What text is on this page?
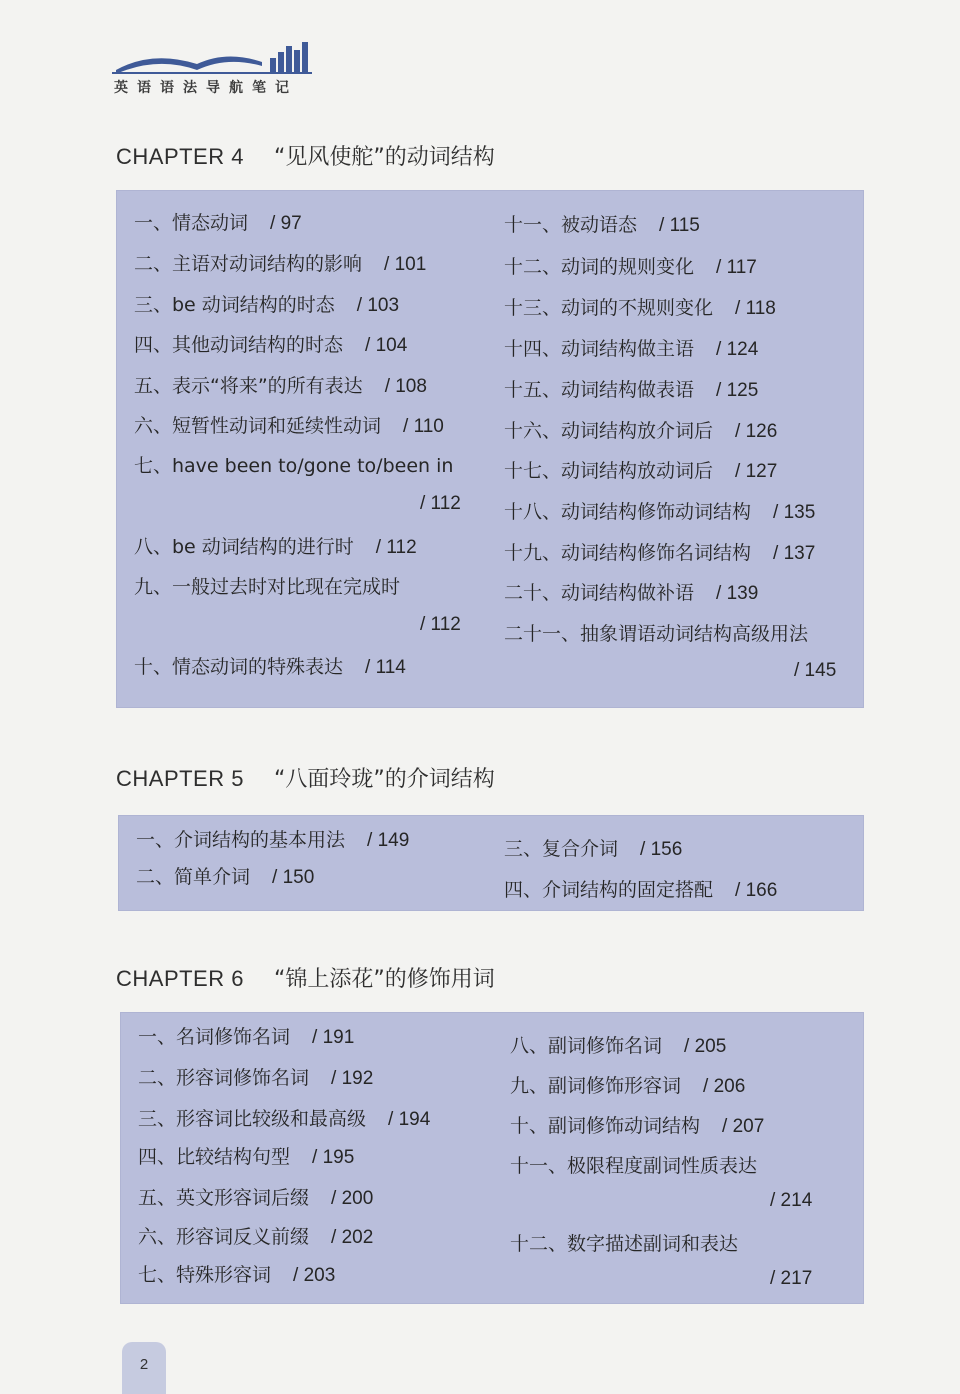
英语语法导航笔记
CHAPTER 4 “见风使舵”的动词结构
一、情态动词 / 97
二、主语对动词结构的影响 / 101
三、be 动词结构的时态 / 103
四、其他动词结构的时态 / 104
五、表示“将来”的所有表达 / 108
六、短暂性动词和延续性动词 / 110
七、have been to/gone to/been in
/ 112
八、be 动词结构的进行时 / 112
九、一般过去时对比现在完成时
/ 112
十、情态动词的特殊表达 / 114
十一、被动语态 / 115
十二、动词的规则变化 / 117
十三、动词的不规则变化 / 118
十四、动词结构做主语 / 124
十五、动词结构做表语 / 125
十六、动词结构放介词后 / 126
十七、动词结构放动词后 / 127
十八、动词结构修饰动词结构 / 135
十九、动词结构修饰名词结构 / 137
二十、动词结构做补语 / 139
二十一、抽象谓语动词结构高级用法
/ 145
CHAPTER 5 “八面玲珑”的介词结构
一、介词结构的基本用法 / 149
二、简单介词 / 150
三、复合介词 / 156
四、介词结构的固定搭配 / 166
CHAPTER 6 “锦上添花”的修饰用词
一、名词修饰名词 / 191
二、形容词修饰名词 / 192
三、形容词比较级和最高级 / 194
四、比较结构句型 / 195
五、英文形容词后缀 / 200
六、形容词反义前缀 / 202
七、特殊形容词 / 203
八、副词修饰名词 / 205
九、副词修饰形容词 / 206
十、副词修饰动词结构 / 207
十一、极限程度副词性质表达
/ 214
十二、数字描述副词和表达
/ 217
2
